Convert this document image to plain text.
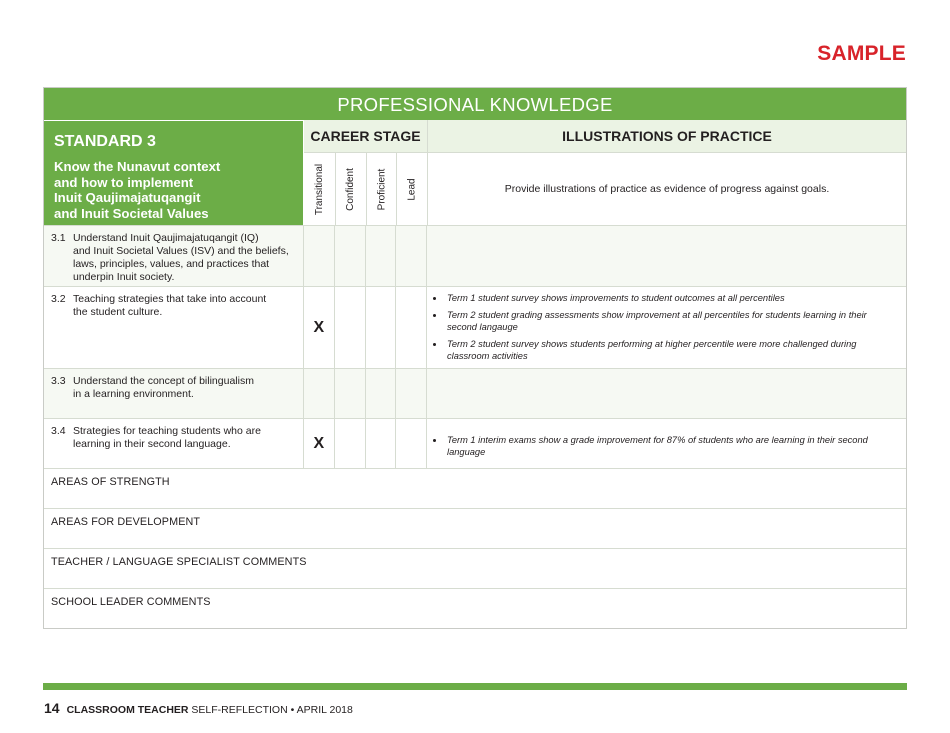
SAMPLE
PROFESSIONAL KNOWLEDGE
STANDARD 3
Know the Nunavut context
and how to implement
Inuit Qaujimajatuqangit
and Inuit Societal Values
CAREER STAGE
Transitional Confident Proficient Lead
ILLUSTRATIONS OF PRACTICE
Provide illustrations of practice as evidence of progress against goals.
3.1 Understand Inuit Qaujimajatuqangit (IQ)
and Inuit Societal Values (ISV) and the beliefs,
laws, principles, values, and practices that
underpin Inuit society.
3.2 Teaching strategies that take into account
the student culture.
X
• Term 1 student survey shows improvements to student outcomes at all percentiles
• Term 2 student grading assessments show improvement at all percentiles for students learning in their second langauge
• Term 2 student survey shows students performing at higher percentile were more challenged during classroom activities
3.3 Understand the concept of bilingualism
in a learning environment.
3.4 Strategies for teaching students who are
learning in their second language.	X
•	Term 1 interim exams show a grade improvement for 87% of students who are learning in their second language
AREAS OF STRENGTH
AREAS FOR DEVELOPMENT
TEACHER / LANGUAGE SPECIALIST COMMENTS
SCHOOL LEADER COMMENTS
14 CLASSROOM TEACHER SELF-REFLECTION • APRIL 2018
